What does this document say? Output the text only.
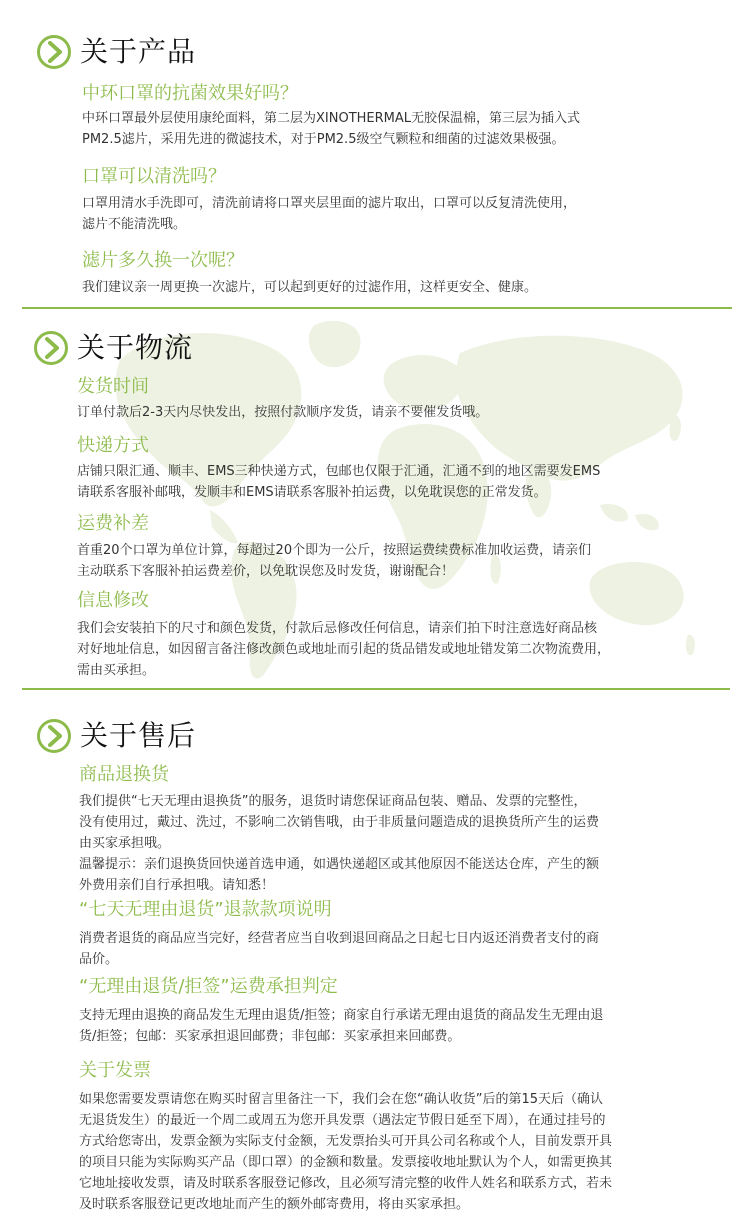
关于产品
中环口罩的抗菌效果好吗？
中环口罩最外层使用康纶面料，第二层为XINOTHERMAL无胶保温棉，第三层为插入式
PM2.5滤片，采用先进的微滤技术，对于PM2.5级空气颗粒和细菌的过滤效果极强。
口罩可以清洗吗？
口罩用清水手洗即可，清洗前请将口罩夹层里面的滤片取出，口罩可以反复清洗使用，
滤片不能清洗哦。
滤片多久换一次呢？
我们建议亲一周更换一次滤片，可以起到更好的过滤作用，这样更安全、健康。
关于物流
发货时间
订单付款后2-3天内尽快发出，按照付款顺序发货，请亲不要催发货哦。
快递方式
店铺只限汇通、顺丰、EMS三种快递方式，包邮也仅限于汇通，汇通不到的地区需要发EMS
请联系客服补邮哦，发顺丰和EMS请联系客服补拍运费，以免耽误您的正常发货。
运费补差
首重20个口罩为单位计算，每超过20个即为一公斤，按照运费续费标准加收运费，请亲们
主动联系下客服补拍运费差价，以免耽误您及时发货，谢谢配合！
信息修改
我们会安装拍下的尺寸和颜色发货，付款后忌修改任何信息，请亲们拍下时注意选好商品核
对好地址信息，如因留言备注修改颜色或地址而引起的货品错发或地址错发第二次物流费用，
需由买承担。
关于售后
商品退换货
我们提供“七天无理由退换货”的服务，退货时请您保证商品包装、赠品、发票的完整性，
没有使用过，戴过、洗过，不影响二次销售哦，由于非质量问题造成的退换货所产生的运费
由买家承担哦。
温馨提示：亲们退换货回快递首选申通，如遇快递超区或其他原因不能送达仓库，产生的额
外费用亲们自行承担哦。请知悉！
“七天无理由退货”退款款项说明
消费者退货的商品应当完好，经营者应当自收到退回商品之日起七日内返还消费者支付的商
品价。
“无理由退货/拒签”运费承担判定
支持无理由退换的商品发生无理由退货/拒签；商家自行承诺无理由退货的商品发生无理由退
货/拒签；包邮：买家承担退回邮费；非包邮：买家承担来回邮费。
关于发票
如果您需要发票请您在购买时留言里备注一下，我们会在您“确认收货”后的第15天后（确认
无退货发生）的最近一个周二或周五为您开具发票（遇法定节假日延至下周），在通过挂号的
方式给您寄出，发票金额为实际支付金额，无发票抬头可开具公司名称或个人，目前发票开具
的项目只能为实际购买产品（即口罩）的金额和数量。发票接收地址默认为个人，如需更换其
它地址接收发票，请及时联系客服登记修改，且必须写清完整的收件人姓名和联系方式，若未
及时联系客服登记更改地址而产生的额外邮寄费用，将由买家承担。
